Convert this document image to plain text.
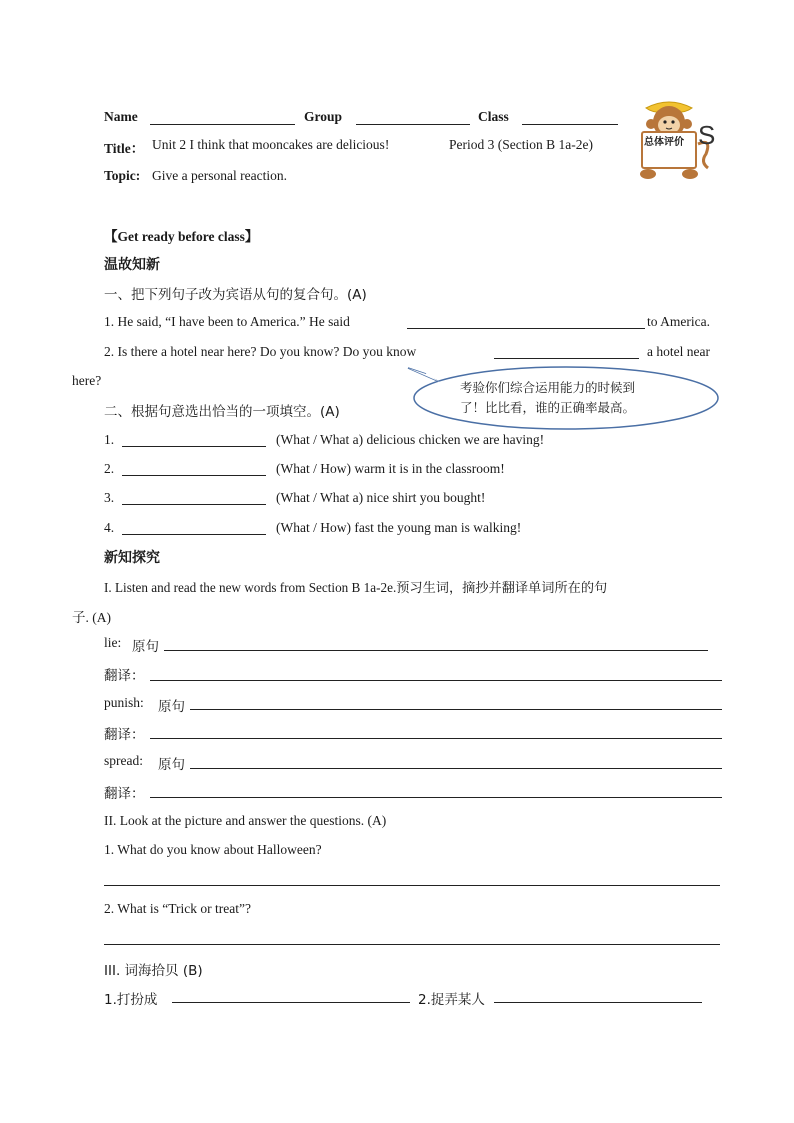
Name	Group	Class
总体评价 S
Title： Unit 2 I think that mooncakes are delicious!	Period 3 (Section B 1a-2e)
Topic: Give a personal reaction.
【Get ready before class】
温故知新
一、把下列句子改为宾语从句的复合句。(A)
1. He said, “I have been to America.” He said	to America.
2. Is there a hotel near here? Do you know? Do you know	a hotel near
here?	考验你们综合运用能力的时候到
了！比比看，谁的正确率最高。
二、根据句意选出恰当的一项填空。(A)
1.	(What / What a) delicious chicken we are having!
2.	(What / How) warm it is in the classroom!
3.	(What / What a) nice shirt you bought!
4.	(What / How) fast the young man is walking!
新知探究
I. Listen and read the new words from Section B 1a-2e.预习生词，摘抄并翻译单词所在的句
子. (A)
lie: 原句
翻译：
punish: 原句
翻译：
spread: 原句
翻译：
II. Look at the picture and answer the questions. (A)
1. What do you know about Halloween?
2. What is “Trick or treat”?
III. 词海拾贝 (B)
1.打扮成	2.捉弄某人
